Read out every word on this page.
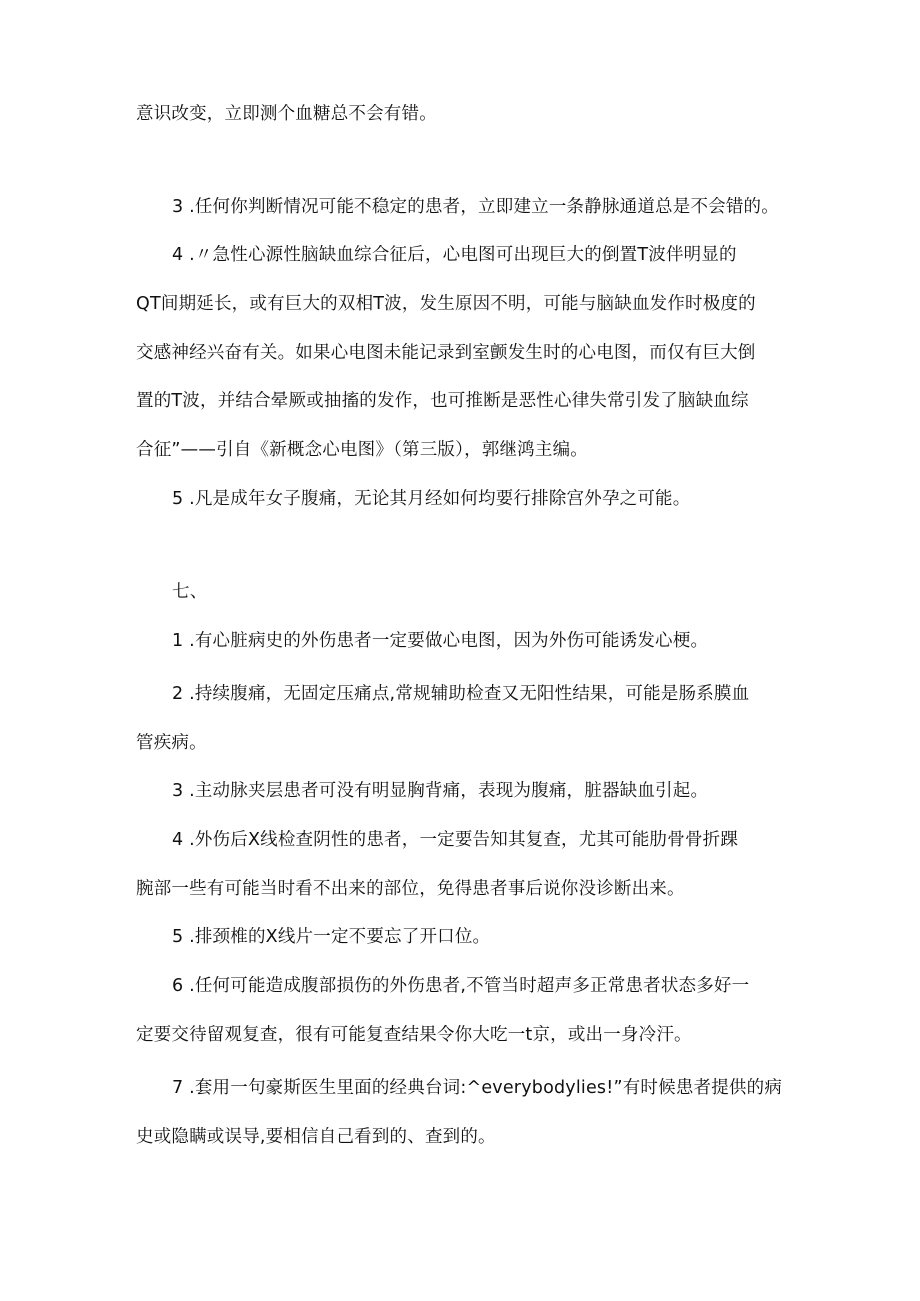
意识改变，立即测个血糖总不会有错。
3 .任何你判断情况可能不稳定的患者，立即建立一条静脉通道总是不会错的。
4 .〃急性心源性脑缺血综合征后，心电图可出现巨大的倒置T波伴明显的
QT间期延长，或有巨大的双相T波，发生原因不明，可能与脑缺血发作时极度的
交感神经兴奋有关。如果心电图未能记录到室颤发生时的心电图，而仅有巨大倒
置的T波，并结合晕厥或抽搐的发作，也可推断是恶性心律失常引发了脑缺血综
合征”——引自《新概念心电图》（第三版），郭继鸿主编。
5 .凡是成年女子腹痛，无论其月经如何均要行排除宫外孕之可能。
七、
1 .有心脏病史的外伤患者一定要做心电图，因为外伤可能诱发心梗。
2 .持续腹痛，无固定压痛点,常规辅助检查又无阳性结果，可能是肠系膜血
管疾病。
3 .主动脉夹层患者可没有明显胸背痛，表现为腹痛，脏器缺血引起。
4 .外伤后X线检查阴性的患者，一定要告知其复查，尤其可能肋骨骨折踝
腕部一些有可能当时看不出来的部位，免得患者事后说你没诊断出来。
5 .排颈椎的X线片一定不要忘了开口位。
6 .任何可能造成腹部损伤的外伤患者,不管当时超声多正常患者状态多好一
定要交待留观复查，很有可能复查结果令你大吃一t京，或出一身冷汗。
7 .套用一句豪斯医生里面的经典台词:^everybodylies!”有时候患者提供的病
史或隐瞒或误导,要相信自己看到的、查到的。
